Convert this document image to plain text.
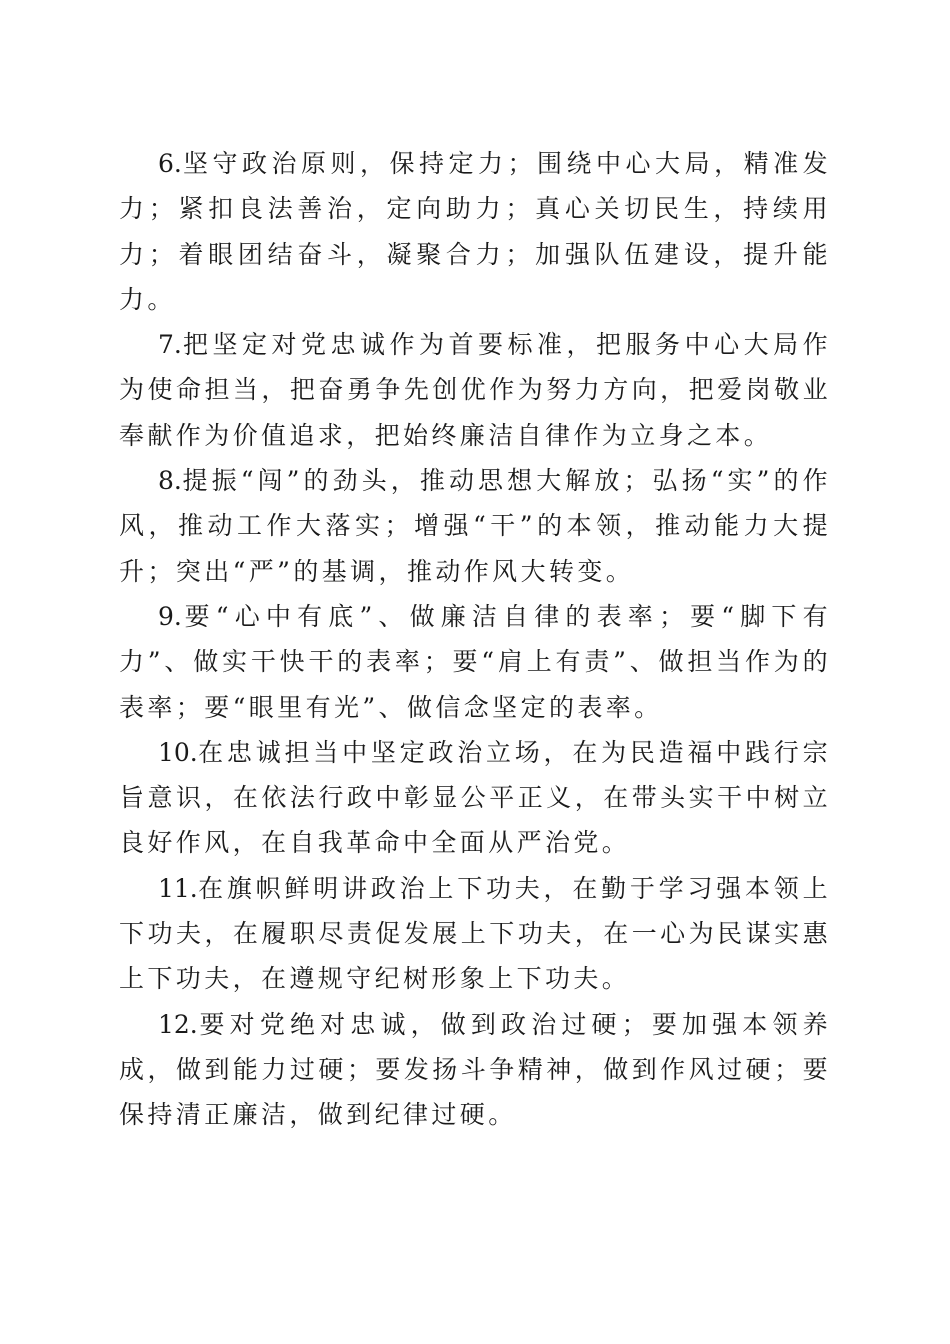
6.坚守政治原则，保持定力；围绕中心大局，精准发力；紧扣良法善治，定向助力；真心关切民生，持续用力；着眼团结奋斗，凝聚合力；加强队伍建设，提升能力。

7.把坚定对党忠诚作为首要标准，把服务中心大局作为使命担当，把奋勇争先创优作为努力方向，把爱岗敬业奉献作为价值追求，把始终廉洁自律作为立身之本。

8.提振“闯”的劲头，推动思想大解放；弘扬“实”的作风，推动工作大落实；增强“干”的本领，推动能力大提升；突出“严”的基调，推动作风大转变。

9.要“心中有底”、做廉洁自律的表率；要“脚下有力”、做实干快干的表率；要“肩上有责”、做担当作为的表率；要“眼里有光”、做信念坚定的表率。

10.在忠诚担当中坚定政治立场，在为民造福中践行宗旨意识，在依法行政中彰显公平正义，在带头实干中树立良好作风，在自我革命中全面从严治党。

11.在旗帜鲜明讲政治上下功夫，在勤于学习强本领上下功夫，在履职尽责促发展上下功夫，在一心为民谋实惠上下功夫，在遵规守纪树形象上下功夫。

12.要对党绝对忠诚，做到政治过硬；要加强本领养成，做到能力过硬；要发扬斗争精神，做到作风过硬；要保持清正廉洁，做到纪律过硬。
